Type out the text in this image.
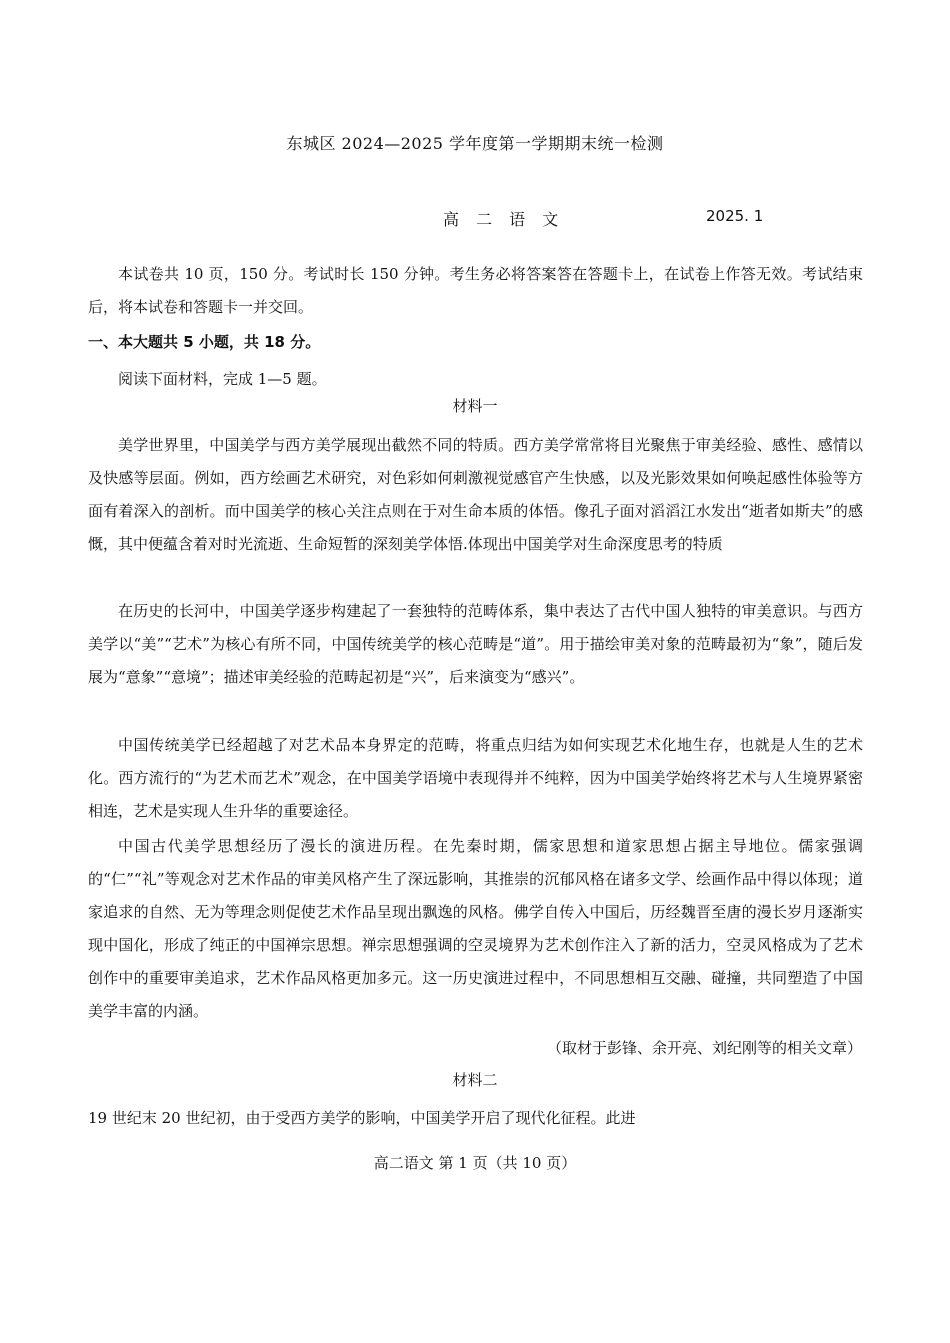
东城区 2024—2025 学年度第一学期期末统一检测
高 二 语 文	2025. 1

本试卷共 10 页，150 分。考试时长 150 分钟。考生务必将答案答在答题卡上，在试卷上作答无效。考试结束后，将本试卷和答题卡一并交回。

一、本大题共 5 小题，共 18 分。

阅读下面材料，完成 1—5 题。

材料一

美学世界里，中国美学与西方美学展现出截然不同的特质。西方美学常常将目光聚焦于审美经验、感性、感情以及快感等层面。例如，西方绘画艺术研究，对色彩如何刺激视觉感官产生快感，以及光影效果如何唤起感性体验等方面有着深入的剖析。而中国美学的核心关注点则在于对生命本质的体悟。像孔子面对滔滔江水发出“逝者如斯夫”的感慨，其中便蕴含着对时光流逝、生命短暂的深刻美学体悟.体现出中国美学对生命深度思考的特质

在历史的长河中，中国美学逐步构建起了一套独特的范畴体系，集中表达了古代中国人独特的审美意识。与西方美学以“美”“艺术”为核心有所不同，中国传统美学的核心范畴是“道”。用于描绘审美对象的范畴最初为“象”，随后发展为“意象”“意境”；描述审美经验的范畴起初是“兴”，后来演变为“感兴”。

中国传统美学已经超越了对艺术品本身界定的范畴，将重点归结为如何实现艺术化地生存，也就是人生的艺术化。西方流行的“为艺术而艺术”观念，在中国美学语境中表现得并不纯粹，因为中国美学始终将艺术与人生境界紧密相连，艺术是实现人生升华的重要途径。

中国古代美学思想经历了漫长的演进历程。在先秦时期，儒家思想和道家思想占据主导地位。儒家强调的“仁”“礼”等观念对艺术作品的审美风格产生了深远影响，其推崇的沉郁风格在诸多文学、绘画作品中得以体现；道家追求的自然、无为等理念则促使艺术作品呈现出飘逸的风格。佛学自传入中国后，历经魏晋至唐的漫长岁月逐渐实现中国化，形成了纯正的中国禅宗思想。禅宗思想强调的空灵境界为艺术创作注入了新的活力，空灵风格成为了艺术创作中的重要审美追求，艺术作品风格更加多元。这一历史演进过程中，不同思想相互交融、碰撞，共同塑造了中国美学丰富的内涵。

（取材于彭锋、余开亮、刘纪刚等的相关文章）
材料二

19 世纪末 20 世纪初，由于受西方美学的影响，中国美学开启了现代化征程。此进

高二语文 第 1 页（共 10 页）
